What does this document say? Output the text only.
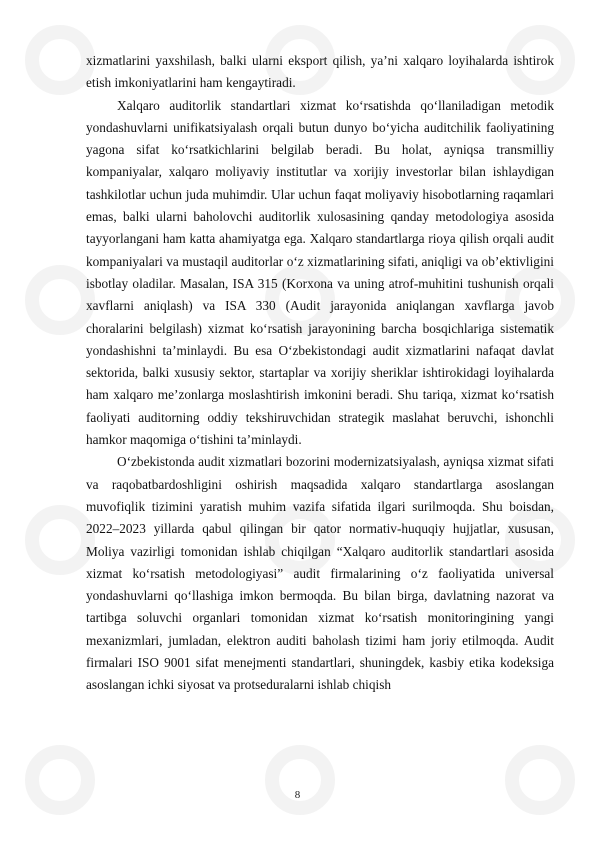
xizmatlarini yaxshilash, balki ularni eksport qilish, ya’ni xalqaro loyihalarda ishtirok etish imkoniyatlarini ham kengaytiradi.

Xalqaro auditorlik standartlari xizmat ko‘rsatishda qo‘llaniladigan metodik yondashuvlarni unifikatsiyalash orqali butun dunyo bo‘yicha auditchilik faoliyatining yagona sifat ko‘rsatkichlarini belgilab beradi. Bu holat, ayniqsa transmilliy kompaniyalar, xalqaro moliyaviy institutlar va xorijiy investorlar bilan ishlaydigan tashkilotlar uchun juda muhimdir. Ular uchun faqat moliyaviy hisobotlarning raqamlari emas, balki ularni baholovchi auditorlik xulosasining qanday metodologiya asosida tayyorlangani ham katta ahamiyatga ega. Xalqaro standartlarga rioya qilish orqali audit kompaniyalari va mustaqil auditorlar o‘z xizmatlarining sifati, aniqligi va ob’ektivligini isbotlay oladilar. Masalan, ISA 315 (Korxona va uning atrof-muhitini tushunish orqali xavflarni aniqlash) va ISA 330 (Audit jarayonida aniqlangan xavflarga javob choralarini belgilash) xizmat ko‘rsatish jarayonining barcha bosqichlariga sistematik yondashishni ta’minlaydi. Bu esa O‘zbekistondagi audit xizmatlarini nafaqat davlat sektorida, balki xususiy sektor, startaplar va xorijiy sheriklar ishtirokidagi loyihalarda ham xalqaro me’zonlarga moslashtirish imkonini beradi. Shu tariqa, xizmat ko‘rsatish faoliyati auditorning oddiy tekshiruvchidan strategik maslahat beruvchi, ishonchli hamkor maqomiga o‘tishini ta’minlaydi.

O‘zbekistonda audit xizmatlari bozorini modernizatsiyalash, ayniqsa xizmat sifati va raqobatbardoshligini oshirish maqsadida xalqaro standartlarga asoslangan muvofiqlik tizimini yaratish muhim vazifa sifatida ilgari surilmoqda. Shu boisdan, 2022–2023 yillarda qabul qilingan bir qator normativ-huquqiy hujjatlar, xususan, Moliya vazirligi tomonidan ishlab chiqilgan “Xalqaro auditorlik standartlari asosida xizmat ko‘rsatish metodologiyasi” audit firmalarining o‘z faoliyatida universal yondashuvlarni qo‘llashiga imkon bermoqda. Bu bilan birga, davlatning nazorat va tartibga soluvchi organlari tomonidan xizmat ko‘rsatish monitoringining yangi mexanizmlari, jumladan, elektron auditi baholash tizimi ham joriy etilmoqda. Audit firmalari ISO 9001 sifat menejmenti standartlari, shuningdek, kasbiy etika kodeksiga asoslangan ichki siyosat va protseduralarni ishlab chiqish

8
